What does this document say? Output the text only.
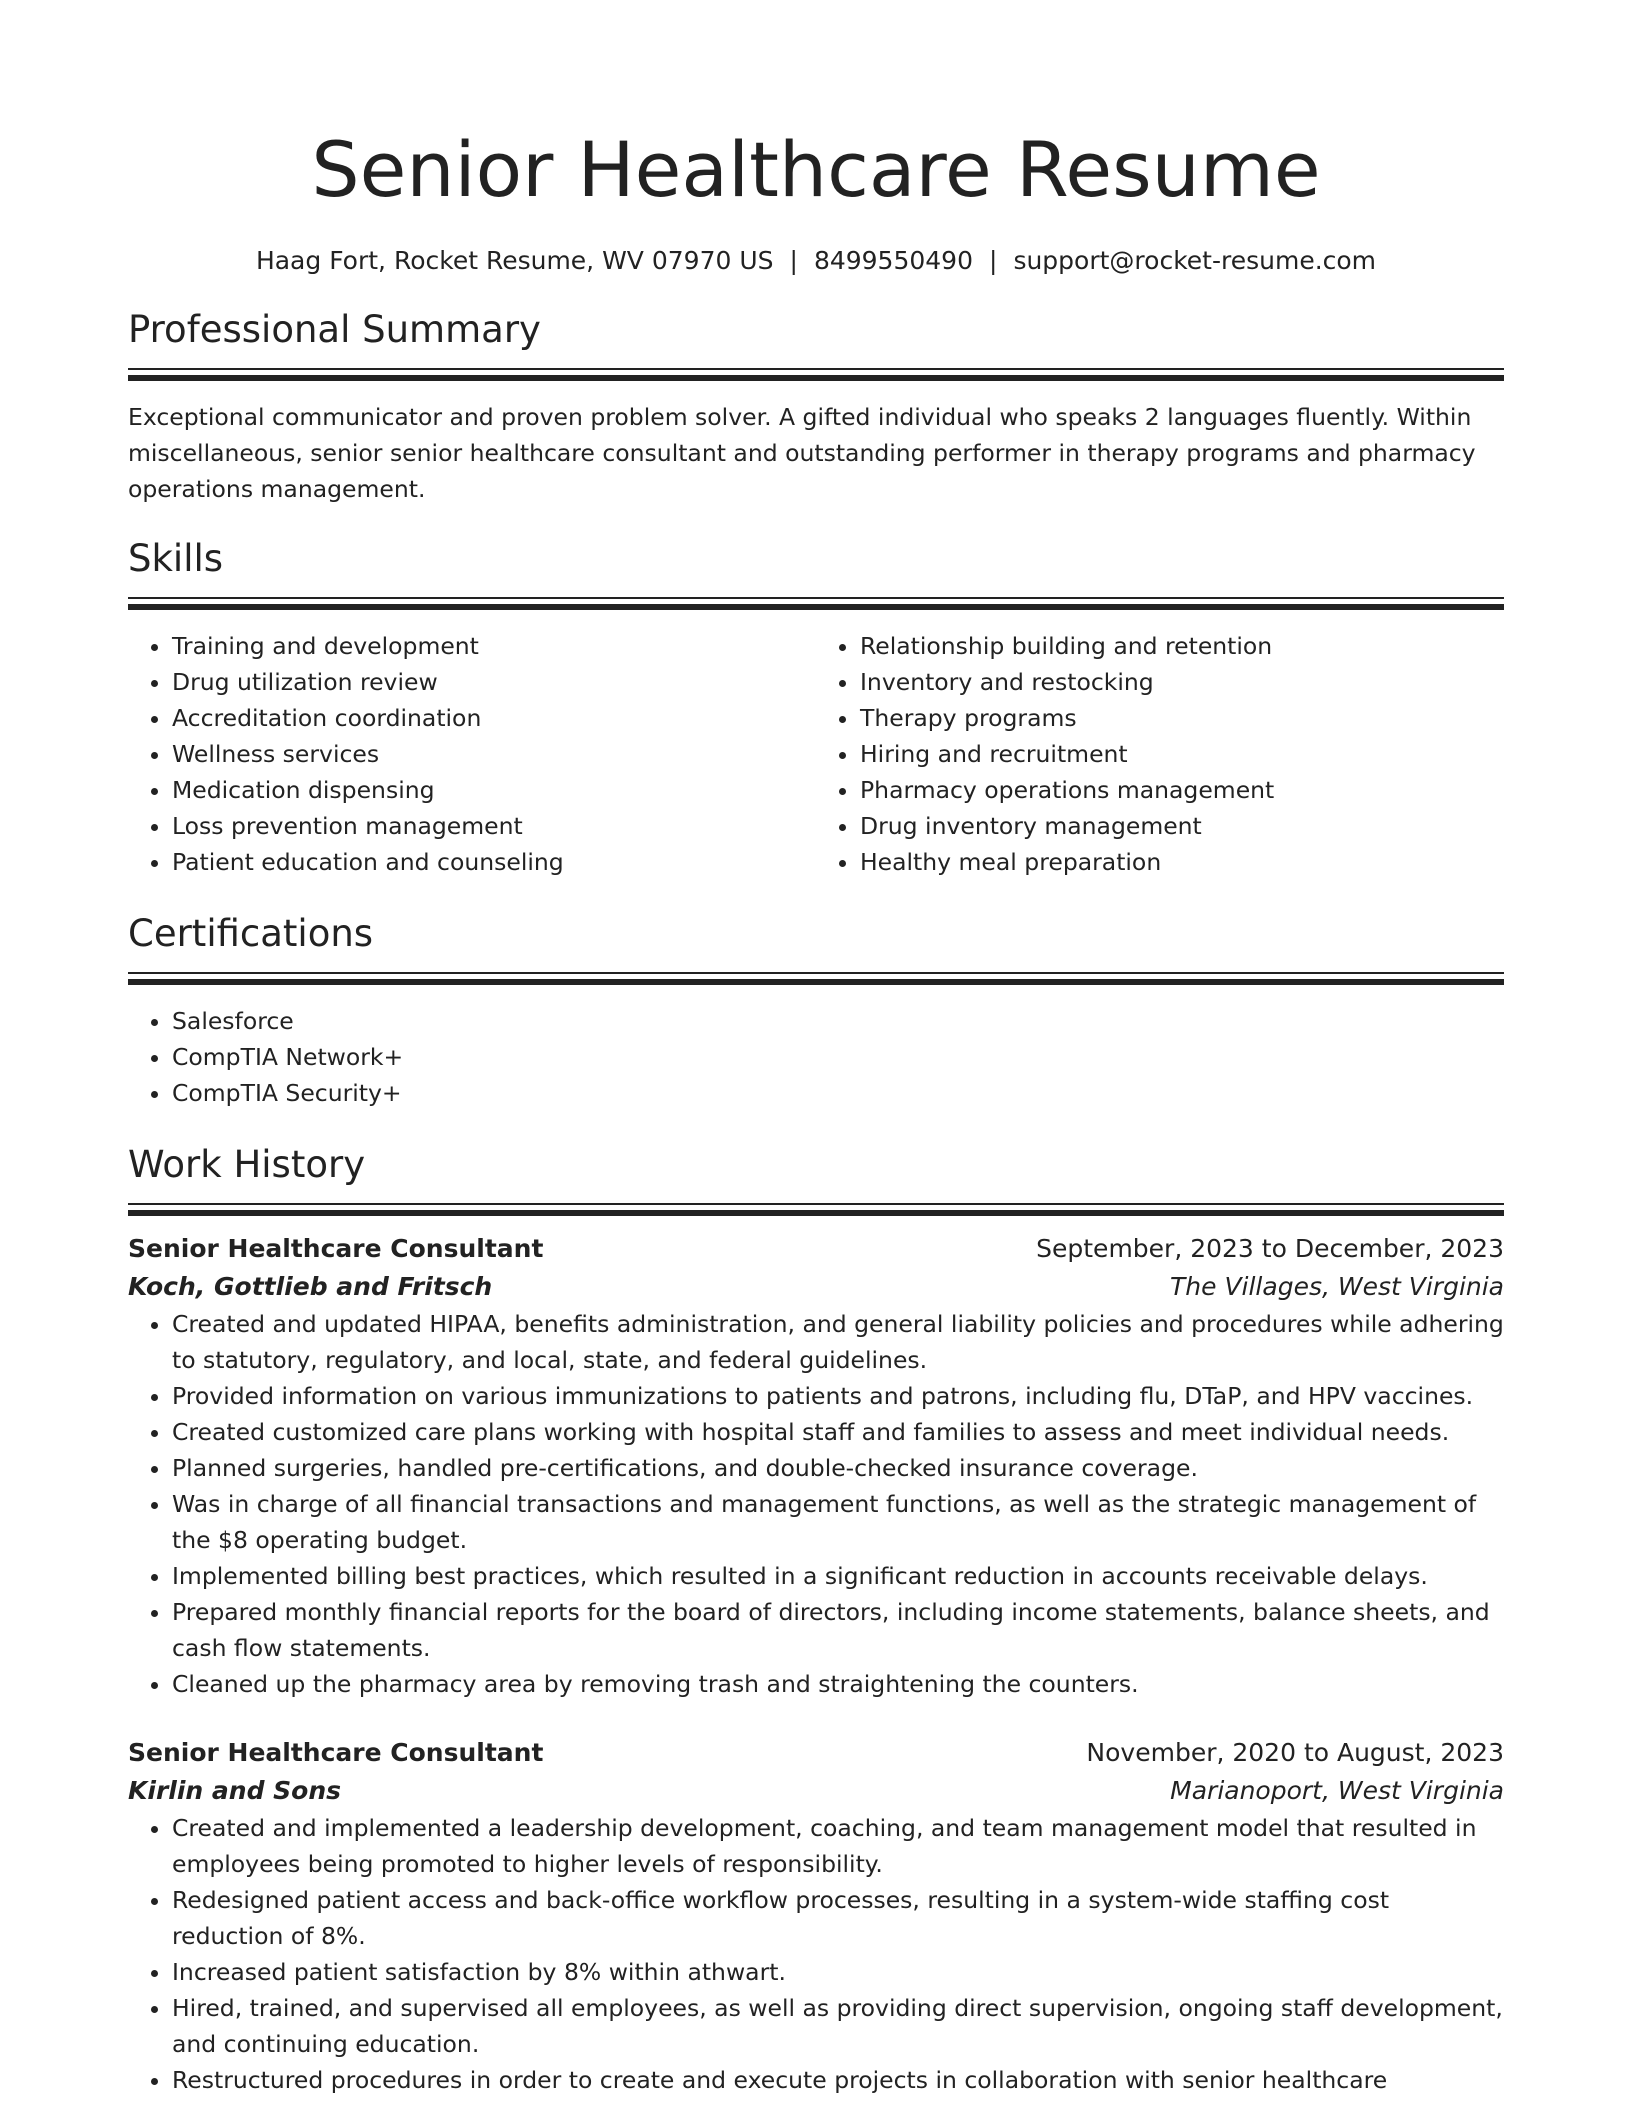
Senior Healthcare Resume
Haag Fort, Rocket Resume, WV 07970 US | 8499550490 | support@rocket-resume.com
Professional Summary
Exceptional communicator and proven problem solver. A gifted individual who speaks 2 languages fluently. Within miscellaneous, senior senior healthcare consultant and outstanding performer in therapy programs and pharmacy operations management.
Skills
• Training and development
• Drug utilization review
• Accreditation coordination
• Wellness services
• Medication dispensing
• Loss prevention management
• Patient education and counseling
• Relationship building and retention
• Inventory and restocking
• Therapy programs
• Hiring and recruitment
• Pharmacy operations management
• Drug inventory management
• Healthy meal preparation
Certifications
• Salesforce
• CompTIA Network+
• CompTIA Security+
Work History
Senior Healthcare Consultant	September, 2023 to December, 2023
Koch, Gottlieb and Fritsch	The Villages, West Virginia
• Created and updated HIPAA, benefits administration, and general liability policies and procedures while adhering to statutory, regulatory, and local, state, and federal guidelines.
• Provided information on various immunizations to patients and patrons, including flu, DTaP, and HPV vaccines.
• Created customized care plans working with hospital staff and families to assess and meet individual needs.
• Planned surgeries, handled pre-certifications, and double-checked insurance coverage.
• Was in charge of all financial transactions and management functions, as well as the strategic management of the $8 operating budget.
• Implemented billing best practices, which resulted in a significant reduction in accounts receivable delays.
• Prepared monthly financial reports for the board of directors, including income statements, balance sheets, and cash flow statements.
• Cleaned up the pharmacy area by removing trash and straightening the counters.
Senior Healthcare Consultant	November, 2020 to August, 2023
Kirlin and Sons	Marianoport, West Virginia
• Created and implemented a leadership development, coaching, and team management model that resulted in employees being promoted to higher levels of responsibility.
• Redesigned patient access and back-office workflow processes, resulting in a system-wide staffing cost reduction of 8%.
• Increased patient satisfaction by 8% within athwart.
• Hired, trained, and supervised all employees, as well as providing direct supervision, ongoing staff development, and continuing education.
• Restructured procedures in order to create and execute projects in collaboration with senior healthcare
